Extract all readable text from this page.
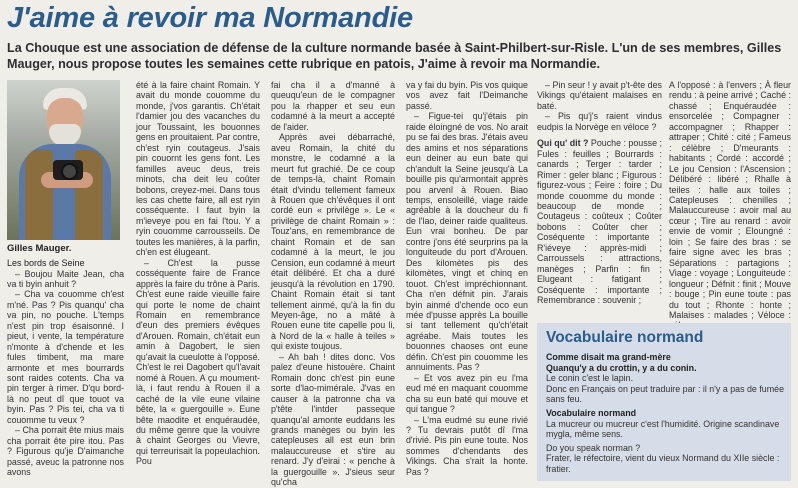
J'aime à revoir ma Normandie

La Chouque est une association de défense de la culture normande basée à Saint-Philbert-sur-Risle. L'un de ses membres, Gilles Mauger, nous propose toutes les semaines cette rubrique en patois, J'aime à revoir ma Normandie.

Gilles Mauger.

Les bords de Seine

– Boujou Maite Jean, cha va ti byin anhuit ?

– Cha va couomme ch'est m'né. Pas ? Pis quanqu' cha va pin, no pouche. L'temps n'est pin trop ésaisonné. I pieut, i vente, la température n'monte à d'chende et les fules timbent, ma mare armonte et mes bourrards sont raides cotents. Cha va pin terger à rimer. D'qu bord-là no peut dî que touot va byin. Pas ? Pis tei, cha va ti couomme tu veux ?

– Cha porrait ête mius mais cha porrait ête pire itou. Pas ? Figurous qu'je D'aimanche passé, aveuc la patronne nos avons

été à la faire chaint Romain. Y avait du monde couomme du monde, j'vos garantis. Ch'était l'damier jou des vacanches du jour Toussaint, les bouonnes gens en prouitaient. Par contre, ch'est ryin coutageus. J'sais pin couornt les gens font. Les familles aveuc deus, treis minots, cha deit leu coûter bobons, creyez-mei. Dans tous les cas chette faire, all est ryin cosséquente. I faut byin la m'ieveye pou en fai l'tou. Y a ryin couomme carrousseils. De toutes les manières, à la parfin, ch'en est élugeant.

– Ch'est la pusse cosséquente faire de France apprès la faire du trône à Paris. Ch'est eune raide vieuille faire qui porte le nome de chaint Romain en remembrance d'eun des premiers évêques d'Arouen. Romain, ch'était eun amin à Dagobert, le sien qu'avait la cueulotte à l'opposé. Ch'est le rei Dagobert qu'l'avait nomé à Rouen. A çu moument-là, i faut rendu à Rouen il a caché de la vile eune vilaine bête, la « guergouille ». Eune bête maodite et enquéraudée, du même genre que la vouivre à chaint Georges ou Vievre, qui terreurisait la popeulachion. Pou

fai cha il a d'manné à queuqu'eun de le compagner pou la rhapper et seu eun codamné à la meurt a accepté de l'aider.

Apprès avei débarraché, aveu Romain, la chité du monstre, le codamné a la meurt fut grachié. De ce coup de temps-là, chaint Romain était d'vindu tellement fameux à Rouen que ch'évêques il ont cordé eun « privilège ». Le « privilège de chaint Romain » : Touz'ans, en remembrance de chaint Romain et de san codamné à la meurt, le jou Cension, eun codamné à meurt était délibéré. Et cha a duré jeusqu'à la révolution en 1790. Chaint Romain était si tant tellement ainmé, qu'à la fin du Meyen-âge, no a mâté à Rouen eune tite capelle pou li, à Nord de la « halle à teiles » qui existe toujous.

– Ah bah ! dites donc. Vos palez d'eune histouère. Chaint Romain donc ch'est pin eune sorte d'lao-mimérale. J'vas en causer à la patronne cha va p'tête l'intder passeque quanqu'al amonte euddans les grands manèges ou byin les catepleuses all est eun brin malauccureuse et s'tire au renard. J'y d'eirai : « penche à la guergouille ». J'sieus seur qu'cha

va y fai du byin. Pis vos quique vos avez fait l'Deimanche passé.

– Figue-tei qu'j'étais pin raide éloingné de vos. No arait pu se fai des bras. J'étais aveu des amins et nos séparations eun deiner au eun bate qui ch'andult la Seine jeusqu'à La bouille pis qu'armontait apprès pou arvenî à Rouen. Biao temps, ensoleillé, viage raide agréable à la doucheur du fi de l'lao, deiner raide qualiteus. Eun vrai bonheu. De par contre j'ons été seurprins pa la longuiteude du port d'Arouen. Des kilomètes pis des kilomètes, vingt et chinq en touot. Ch'est impréchionnant. Cha n'en défnit pin. J'arais byin ainmé d'chende oco eun mée d'pusse apprès La bouille si tant tellement qu'ch'était agréabe. Mais toutes les bouonnes chaoses ont eune défin. Ch'est pin couomme les annuiments. Pas ?

– Et vos avez pin eu l'ma eud mé en maquant couomme cha su eun baté qui mouve et qui tangue ?

– L'ma eudmé su eune rivié ? Tu devrais putôt dî l'ma d'rivié. Pis pin eune toute. Nos sommes d'chendants des Vikings. Cha s'rait la honte. Pas ?

– Pin seur ! y avait p't-ête des Vikings qu'étaient malaises en baté.

– Pis qu'j's raient vindus eudpis la Norvège en véloce ?

Qui qu' dit ? Pouche : pousse ; Fules : feuilles ; Bourrards : canards ; Terger : tarder ; Rimer : geler blanc ; Figurous : figurez-vous ; Feire : foire ; Du monde couomme du monde : beaucoup de monde ; Coutageus : coûteux ; Coûter bobons : Coûter cher ; Coséquente : importante ; R'iéveye : apprès-midi ; Carroussels : attractions, manèges ; Parfin : fin ; Elugeant : fatigant ; Coséquente : importante ; Remembrance : souvenir ;

A l'opposé : à l'envers ; À fleur rendu : à peine arrivé ; Caché : chassé ; Enquéraudée : ensorcelée ; Compagner : accompagner ; Rhapper : attraper ; Chité : cité ; Fameus : célèbre ; D'meurants : habitants ; Cordé : accordé ; Le jou Cension : l'Ascension ; Délibéré : libéré ; Rhalle à teiles : halle aux toiles ; Catepleuses : chenilles ; Malauccureuse : avoir mal au cœur ; Tire au renard : avoir envie de vomir ; Eloungné : loin ; Se faire des bras : se faire signe avec les bras ; Séparations : partagions ; Viage : voyage ; Longuiteude : longueur ; Défnit : finit ; Mouve : bouge ; Pin eune toute : pas du tout ; Rhonte : honte ; Malaises : malades ; Véloce :

Vocabulaire normand

Comme disait ma grand-mère

Quanqu'y a du crottin, y a du conin.

Le conin c'est le lapin.

Donc en Français on peut traduire par : il n'y a pas de fumée sans feu.

Vocabulaire normand

La mucreur ou mucreur c'est l'humidité. Origine scandinave mygla, même sens.

Do you speak norman ?

Frater, le réfectoire, vient du vieux Normand du XIIe siècle : fratier.
